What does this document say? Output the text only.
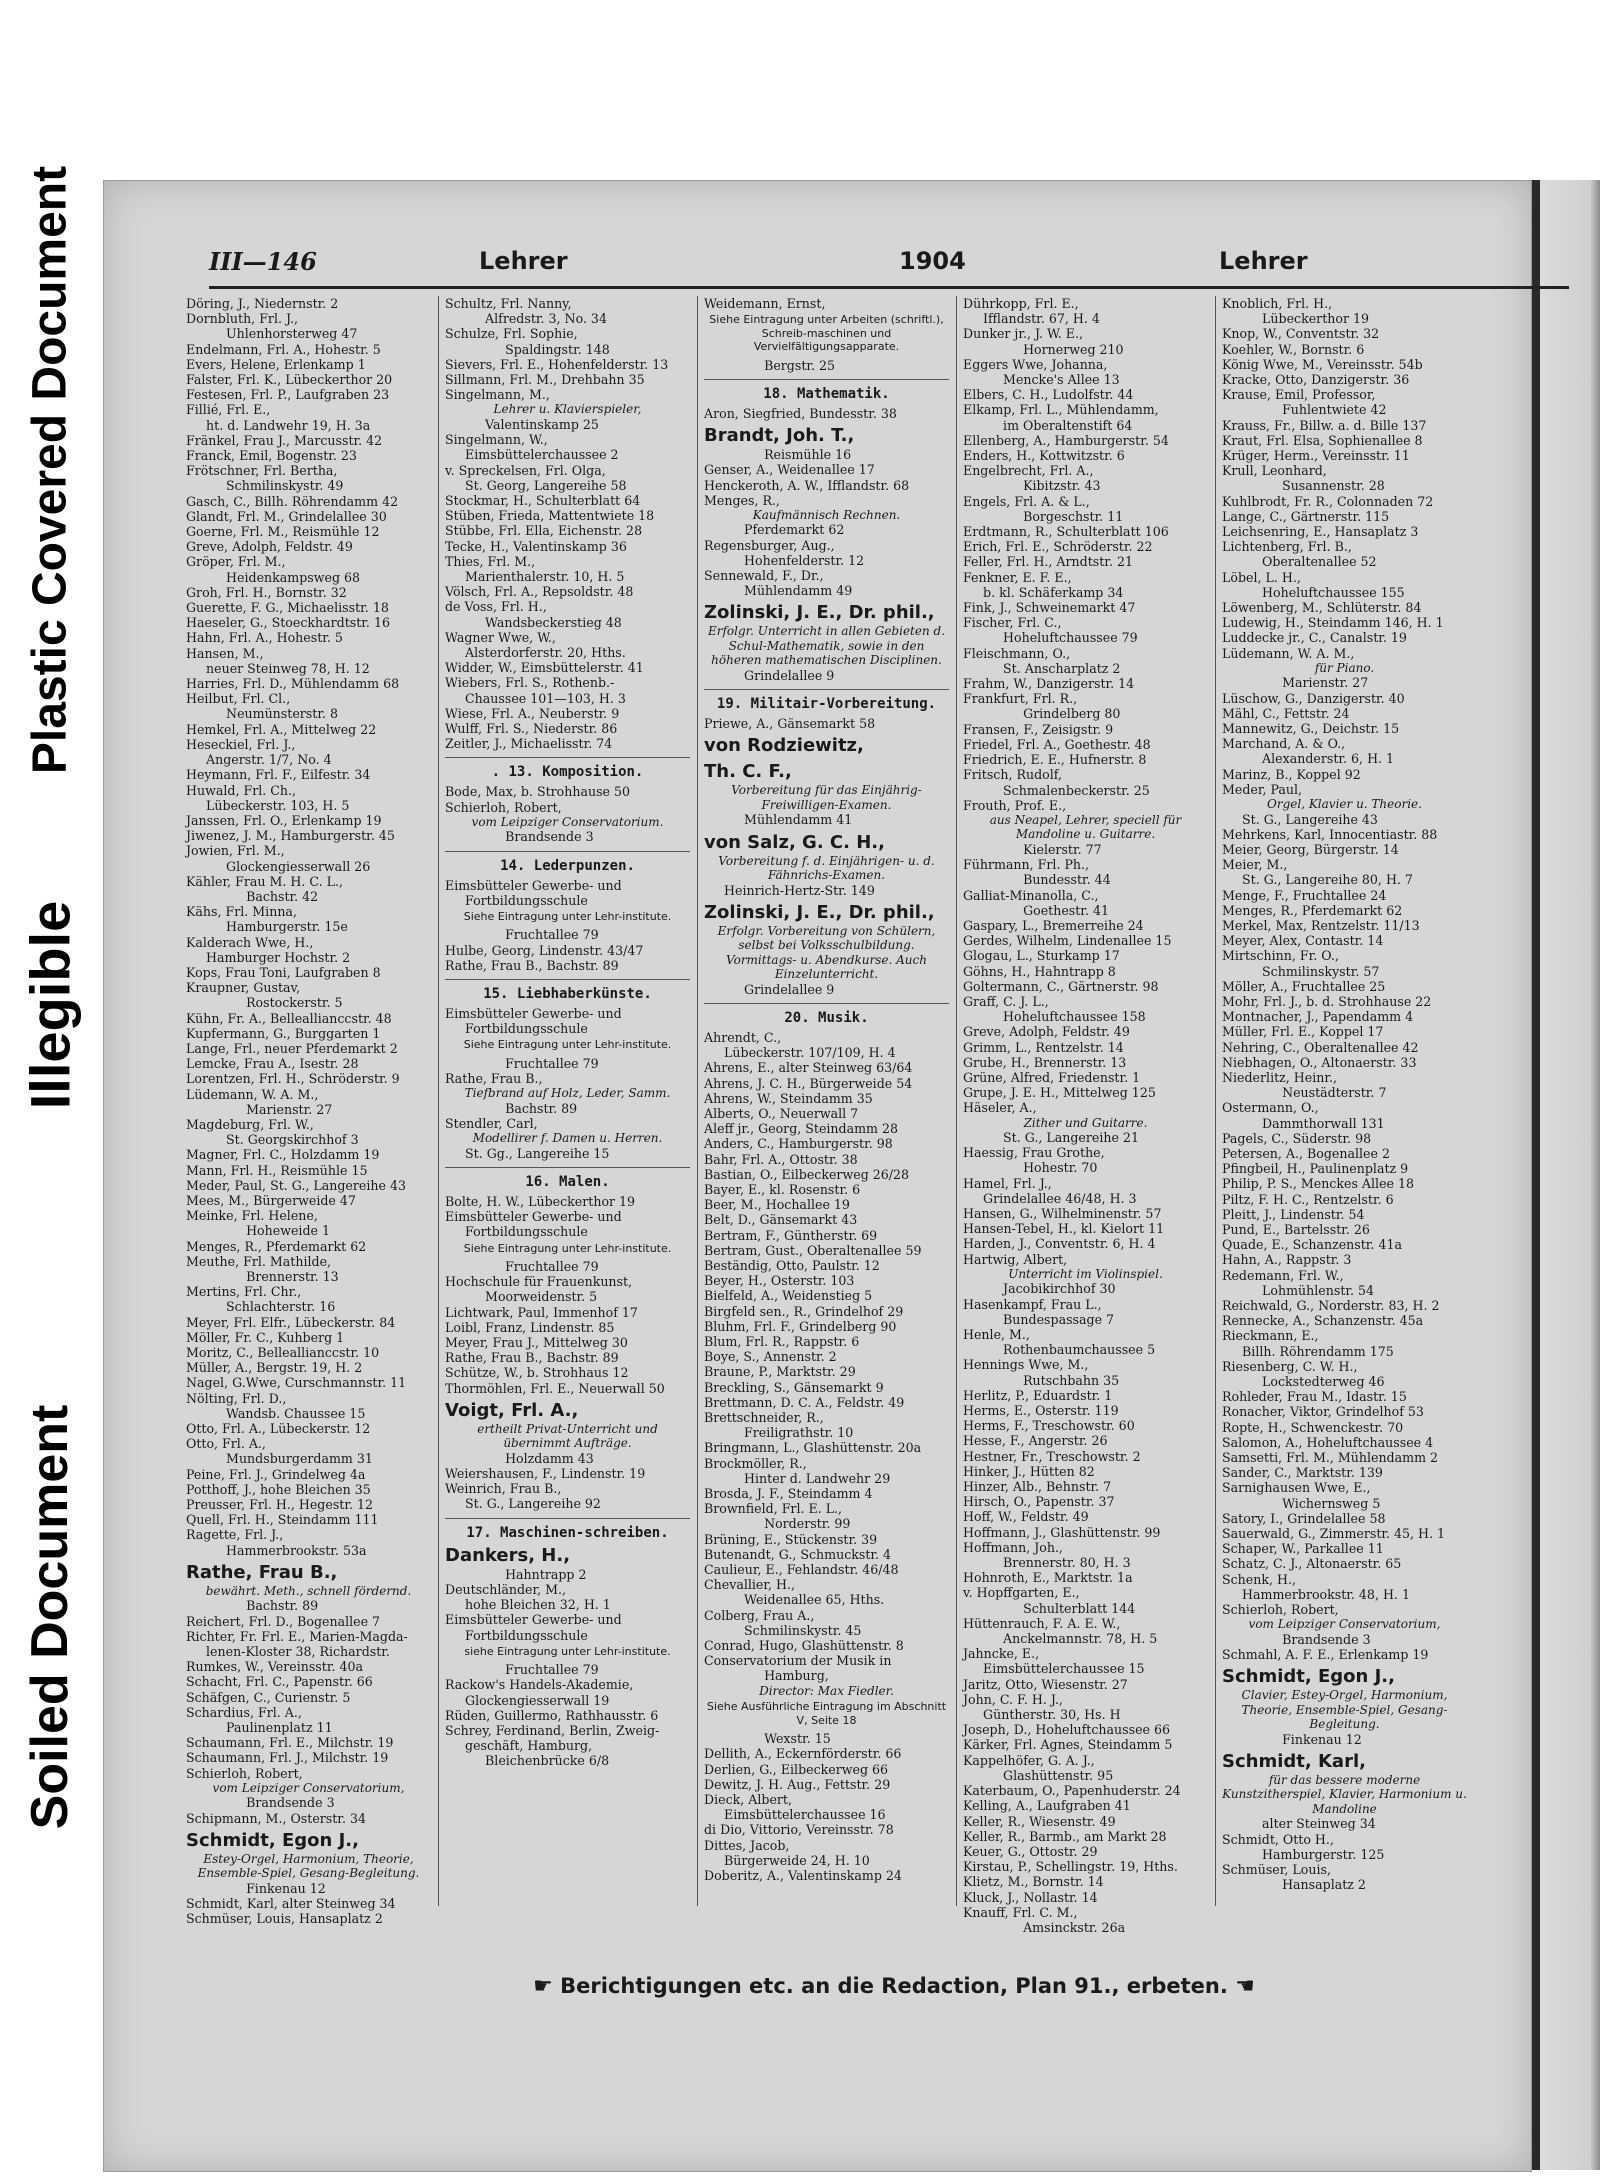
Plastic Covered Document
Illegible
Soiled Document
III—146	Lehrer	1904	Lehrer
Döring, J., Niedernstr. 2
Dornbluth, Frl. J.,
Uhlenhorsterweg 47
Endelmann, Frl. A., Hohestr. 5
Evers, Helene, Erlenkamp 1
Falster, Frl. K., Lübeckerthor 20
Festesen, Frl. P., Laufgraben 23
Fillié, Frl. E.,
ht. d. Landwehr 19, H. 3a
Fränkel, Frau J., Marcusstr. 42
Franck, Emil, Bogenstr. 23
Frötschner, Frl. Bertha,
Schmilinskystr. 49
Gasch, C., Billh. Röhrendamm 42
Glandt, Frl. M., Grindelallee 30
Goerne, Frl. M., Reismühle 12
Greve, Adolph, Feldstr. 49
Gröper, Frl. M.,
Heidenkampsweg 68
Groh, Frl. H., Bornstr. 32
Guerette, F. G., Michaelisstr. 18
Haeseler, G., Stoeckhardtstr. 16
Hahn, Frl. A., Hohestr. 5
Hansen, M.,
neuer Steinweg 78, H. 12
Harries, Frl. D., Mühlendamm 68
Heilbut, Frl. Cl.,
Neumünsterstr. 8
Hemkel, Frl. A., Mittelweg 22
Heseckiel, Frl. J.,
Angerstr. 1/7, No. 4
Heymann, Frl. F., Eilfestr. 34
Huwald, Frl. Ch.,
Lübeckerstr. 103, H. 5
Janssen, Frl. O., Erlenkamp 19
Jiwenez, J. M., Hamburgerstr. 45
Jowien, Frl. M.,
Glockengiesserwall 26
Kähler, Frau M. H. C. L.,
Bachstr. 42
Kähs, Frl. Minna,
Hamburgerstr. 15e
Kalderach Wwe, H.,
Hamburger Hochstr. 2
Kops, Frau Toni, Laufgraben 8
Kraupner, Gustav,
Rostockerstr. 5
Kühn, Fr. A., Belleallianccstr. 48
Kupfermann, G., Burggarten 1
Lange, Frl., neuer Pferdemarkt 2
Lemcke, Frau A., Isestr. 28
Lorentzen, Frl. H., Schröderstr. 9
Lüdemann, W. A. M.,
Marienstr. 27
Magdeburg, Frl. W.,
St. Georgskirchhof 3
Magner, Frl. C., Holzdamm 19
Mann, Frl. H., Reismühle 15
Meder, Paul, St. G., Langereihe 43
Mees, M., Bürgerweide 47
Meinke, Frl. Helene,
Hoheweide 1
Menges, R., Pferdemarkt 62
Meuthe, Frl. Mathilde,
Brennerstr. 13
Mertins, Frl. Chr.,
Schlachterstr. 16
Meyer, Frl. Elfr., Lübeckerstr. 84
Möller, Fr. C., Kuhberg 1
Moritz, C., Belleallianccstr. 10
Müller, A., Bergstr. 19, H. 2
Nagel, G.Wwe, Curschmannstr. 11
Nölting, Frl. D.,
Wandsb. Chaussee 15
Otto, Frl. A., Lübeckerstr. 12
Otto, Frl. A.,
Mundsburgerdamm 31
Peine, Frl. J., Grindelweg 4a
Potthoff, J., hohe Bleichen 35
Preusser, Frl. H., Hegestr. 12
Quell, Frl. H., Steindamm 111
Ragette, Frl. J.,
Hammerbrookstr. 53a
Rathe, Frau B.,
bewährt. Meth., schnell fördernd.
Bachstr. 89
Reichert, Frl. D., Bogenallee 7
Richter, Fr. Frl. E., Marien-Magda-
lenen-Kloster 38, Richardstr.
Rumkes, W., Vereinsstr. 40a
Schacht, Frl. C., Papenstr. 66
Schäfgen, C., Curienstr. 5
Schardius, Frl. A.,
Paulinenplatz 11
Schaumann, Frl. E., Milchstr. 19
Schaumann, Frl. J., Milchstr. 19
Schierloh, Robert,
vom Leipziger Conservatorium,
Brandsende 3
Schipmann, M., Osterstr. 34
Schmidt, Egon J.,
Estey-Orgel, Harmonium, Theorie, Ensemble-Spiel, Gesang-Begleitung.
Finkenau 12
Schmidt, Karl, alter Steinweg 34
Schmüser, Louis, Hansaplatz 2
Schultz, Frl. Nanny,
Alfredstr. 3, No. 34
Schulze, Frl. Sophie,
Spaldingstr. 148
Sievers, Frl. E., Hohenfelderstr. 13
Sillmann, Frl. M., Drehbahn 35
Singelmann, M.,
Lehrer u. Klavierspieler,
Valentinskamp 25
Singelmann, W.,
Eimsbüttelerchaussee 2
v. Spreckelsen, Frl. Olga,
St. Georg, Langereihe 58
Stockmar, H., Schulterblatt 64
Stüben, Frieda, Mattentwiete 18
Stübbe, Frl. Ella, Eichenstr. 28
Tecke, H., Valentinskamp 36
Thies, Frl. M.,
Marienthalerstr. 10, H. 5
Völsch, Frl. A., Repsoldstr. 48
de Voss, Frl. H.,
Wandsbeckerstieg 48
Wagner Wwe, W.,
Alsterdorferstr. 20, Hths.
Widder, W., Eimsbüttelerstr. 41
Wiebers, Frl. S., Rothenb.-
Chaussee 101—103, H. 3
Wiese, Frl. A., Neuberstr. 9
Wulff, Frl. S., Niederstr. 86
Zeitler, J., Michaelisstr. 74
. 13. Komposition.
Bode, Max, b. Strohhause 50
Schierloh, Robert,
vom Leipziger Conservatorium.
Brandsende 3
14. Lederpunzen.
Eimsbütteler Gewerbe- und
Fortbildungsschule
Siehe Eintragung unter Lehr-institute.
Fruchtallee 79
Hulbe, Georg, Lindenstr. 43/47
Rathe, Frau B., Bachstr. 89
15. Liebhaberkünste.
Eimsbütteler Gewerbe- und
Fortbildungsschule
Siehe Eintragung unter Lehr-institute.
Fruchtallee 79
Rathe, Frau B.,
Tiefbrand auf Holz, Leder, Samm.
Bachstr. 89
Stendler, Carl,
Modellirer f. Damen u. Herren.
St. Gg., Langereihe 15
16. Malen.
Bolte, H. W., Lübeckerthor 19
Eimsbütteler Gewerbe- und
Fortbildungsschule
Siehe Eintragung unter Lehr-institute.
Fruchtallee 79
Hochschule für Frauenkunst,
Moorweidenstr. 5
Lichtwark, Paul, Immenhof 17
Loibl, Franz, Lindenstr. 85
Meyer, Frau J., Mittelweg 30
Rathe, Frau B., Bachstr. 89
Schütze, W., b. Strohhaus 12
Thormöhlen, Frl. E., Neuerwall 50
Voigt, Frl. A.,
ertheilt Privat-Unterricht und übernimmt Aufträge.
Holzdamm 43
Weiershausen, F., Lindenstr. 19
Weinrich, Frau B.,
St. G., Langereihe 92
17. Maschinen-schreiben.
Dankers, H.,
Hahntrapp 2
Deutschländer, M.,
hohe Bleichen 32, H. 1
Eimsbütteler Gewerbe- und
Fortbildungsschule
siehe Eintragung unter Lehr-institute.
Fruchtallee 79
Rackow's Handels-Akademie,
Glockengiesserwall 19
Rüden, Guillermo, Rathhausstr. 6
Schrey, Ferdinand, Berlin, Zweig-
geschäft, Hamburg,
Bleichenbrücke 6/8
Weidemann, Ernst,
Siehe Eintragung unter Arbeiten (schriftl.), Schreib-maschinen und Vervielfältigungsapparate.
Bergstr. 25
18. Mathematik.
Aron, Siegfried, Bundesstr. 38
Brandt, Joh. T.,
Reismühle 16
Genser, A., Weidenallee 17
Henckeroth, A. W., Ifflandstr. 68
Menges, R.,
Kaufmännisch Rechnen.
Pferdemarkt 62
Regensburger, Aug.,
Hohenfelderstr. 12
Sennewald, F., Dr.,
Mühlendamm 49
Zolinski, J. E., Dr. phil.,
Erfolgr. Unterricht in allen Gebieten d. Schul-Mathematik, sowie in den höheren mathematischen Disciplinen.
Grindelallee 9
19. Militair-Vorbereitung.
Priewe, A., Gänsemarkt 58
von Rodziewitz,
Th. C. F.,
Vorbereitung für das Einjährig-Freiwilligen-Examen.
Mühlendamm 41
von Salz, G. C. H.,
Vorbereitung f. d. Einjährigen- u. d. Fähnrichs-Examen.
Heinrich-Hertz-Str. 149
Zolinski, J. E., Dr. phil.,
Erfolgr. Vorbereitung von Schülern, selbst bei Volksschulbildung. Vormittags- u. Abendkurse. Auch Einzelunterricht.
Grindelallee 9
20. Musik.
Ahrendt, C.,
Lübeckerstr. 107/109, H. 4
Ahrens, E., alter Steinweg 63/64
Ahrens, J. C. H., Bürgerweide 54
Ahrens, W., Steindamm 35
Alberts, O., Neuerwall 7
Aleff jr., Georg, Steindamm 28
Anders, C., Hamburgerstr. 98
Bahr, Frl. A., Ottostr. 38
Bastian, O., Eilbeckerweg 26/28
Bayer, E., kl. Rosenstr. 6
Beer, M., Hochallee 19
Belt, D., Gänsemarkt 43
Bertram, F., Güntherstr. 69
Bertram, Gust., Oberaltenallee 59
Beständig, Otto, Paulstr. 12
Beyer, H., Osterstr. 103
Bielfeld, A., Weidenstieg 5
Birgfeld sen., R., Grindelhof 29
Bluhm, Frl. F., Grindelberg 90
Blum, Frl. R., Rappstr. 6
Boye, S., Annenstr. 2
Braune, P., Marktstr. 29
Breckling, S., Gänsemarkt 9
Brettmann, D. C. A., Feldstr. 49
Brettschneider, R.,
Freiligrathstr. 10
Bringmann, L., Glashüttenstr. 20a
Brockmöller, R.,
Hinter d. Landwehr 29
Brosda, J. F., Steindamm 4
Brownfield, Frl. E. L.,
Norderstr. 99
Brüning, E., Stückenstr. 39
Butenandt, G., Schmuckstr. 4
Caulieur, E., Fehlandstr. 46/48
Chevallier, H.,
Weidenallee 65, Hths.
Colberg, Frau A.,
Schmilinskystr. 45
Conrad, Hugo, Glashüttenstr. 8
Conservatorium der Musik in
Hamburg,
Director: Max Fiedler.
Siehe Ausführliche Eintragung im Abschnitt V, Seite 18
Wexstr. 15
Dellith, A., Eckernförderstr. 66
Derlien, G., Eilbeckerweg 66
Dewitz, J. H. Aug., Fettstr. 29
Dieck, Albert,
Eimsbüttelerchaussee 16
di Dio, Vittorio, Vereinsstr. 78
Dittes, Jacob,
Bürgerweide 24, H. 10
Doberitz, A., Valentinskamp 24
Dührkopp, Frl. E.,
Ifflandstr. 67, H. 4
Dunker jr., J. W. E.,
Hornerweg 210
Eggers Wwe, Johanna,
Mencke's Allee 13
Elbers, C. H., Ludolfstr. 44
Elkamp, Frl. L., Mühlendamm,
im Oberaltenstift 64
Ellenberg, A., Hamburgerstr. 54
Enders, H., Kottwitzstr. 6
Engelbrecht, Frl. A.,
Kibitzstr. 43
Engels, Frl. A. & L.,
Borgeschstr. 11
Erdtmann, R., Schulterblatt 106
Erich, Frl. E., Schröderstr. 22
Feller, Frl. H., Arndtstr. 21
Fenkner, E. F. E.,
b. kl. Schäferkamp 34
Fink, J., Schweinemarkt 47
Fischer, Frl. C.,
Hoheluftchaussee 79
Fleischmann, O.,
St. Anscharplatz 2
Frahm, W., Danzigerstr. 14
Frankfurt, Frl. R.,
Grindelberg 80
Fransen, F., Zeisigstr. 9
Friedel, Frl. A., Goethestr. 48
Friedrich, E. E., Hufnerstr. 8
Fritsch, Rudolf,
Schmalenbeckerstr. 25
Frouth, Prof. E.,
aus Neapel, Lehrer, speciell für Mandoline u. Guitarre.
Kielerstr. 77
Führmann, Frl. Ph.,
Bundesstr. 44
Galliat-Minanolla, C.,
Goethestr. 41
Gaspary, L., Bremerreihe 24
Gerdes, Wilhelm, Lindenallee 15
Glogau, L., Sturkamp 17
Göhns, H., Hahntrapp 8
Goltermann, C., Gärtnerstr. 98
Graff, C. J. L.,
Hoheluftchaussee 158
Greve, Adolph, Feldstr. 49
Grimm, L., Rentzelstr. 14
Grube, H., Brennerstr. 13
Grüne, Alfred, Friedenstr. 1
Grupe, J. E. H., Mittelweg 125
Häseler, A.,
Zither und Guitarre.
St. G., Langereihe 21
Haessig, Frau Grothe,
Hohestr. 70
Hamel, Frl. J.,
Grindelallee 46/48, H. 3
Hansen, G., Wilhelminenstr. 57
Hansen-Tebel, H., kl. Kielort 11
Harden, J., Conventstr. 6, H. 4
Hartwig, Albert,
Unterricht im Violinspiel.
Jacobikirchhof 30
Hasenkampf, Frau L.,
Bundespassage 7
Henle, M.,
Rothenbaumchaussee 5
Hennings Wwe, M.,
Rutschbahn 35
Herlitz, P., Eduardstr. 1
Herms, E., Osterstr. 119
Herms, F., Treschowstr. 60
Hesse, F., Angerstr. 26
Hestner, Fr., Treschowstr. 2
Hinker, J., Hütten 82
Hinzer, Alb., Behnstr. 7
Hirsch, O., Papenstr. 37
Hoff, W., Feldstr. 49
Hoffmann, J., Glashüttenstr. 99
Hoffmann, Joh.,
Brennerstr. 80, H. 3
Hohnroth, E., Marktstr. 1a
v. Hopffgarten, E.,
Schulterblatt 144
Hüttenrauch, F. A. E. W.,
Anckelmannstr. 78, H. 5
Jahncke, E.,
Eimsbüttelerchaussee 15
Jaritz, Otto, Wiesenstr. 27
John, C. F. H. J.,
Güntherstr. 30, Hs. H
Joseph, D., Hoheluftchaussee 66
Kärker, Frl. Agnes, Steindamm 5
Kappelhöfer, G. A. J.,
Glashüttenstr. 95
Katerbaum, O., Papenhuderstr. 24
Kelling, A., Laufgraben 41
Keller, R., Wiesenstr. 49
Keller, R., Barmb., am Markt 28
Keuer, G., Ottostr. 29
Kirstau, P., Schellingstr. 19, Hths.
Klietz, M., Bornstr. 14
Kluck, J., Nollastr. 14
Knauff, Frl. C. M.,
Amsinckstr. 26a
Knoblich, Frl. H.,
Lübeckerthor 19
Knop, W., Conventstr. 32
Koehler, W., Bornstr. 6
König Wwe, M., Vereinsstr. 54b
Kracke, Otto, Danzigerstr. 36
Krause, Emil, Professor,
Fuhlentwiete 42
Krauss, Fr., Billw. a. d. Bille 137
Kraut, Frl. Elsa, Sophienallee 8
Krüger, Herm., Vereinsstr. 11
Krull, Leonhard,
Susannenstr. 28
Kuhlbrodt, Fr. R., Colonnaden 72
Lange, C., Gärtnerstr. 115
Leichsenring, E., Hansaplatz 3
Lichtenberg, Frl. B.,
Oberaltenallee 52
Löbel, L. H.,
Hoheluftchaussee 155
Löwenberg, M., Schlüterstr. 84
Ludewig, H., Steindamm 146, H. 1
Luddecke jr., C., Canalstr. 19
Lüdemann, W. A. M.,
für Piano.
Marienstr. 27
Lüschow, G., Danzigerstr. 40
Mähl, C., Fettstr. 24
Mannewitz, G., Deichstr. 15
Marchand, A. & O.,
Alexanderstr. 6, H. 1
Marinz, B., Koppel 92
Meder, Paul,
Orgel, Klavier u. Theorie.
St. G., Langereihe 43
Mehrkens, Karl, Innocentiastr. 88
Meier, Georg, Bürgerstr. 14
Meier, M.,
St. G., Langereihe 80, H. 7
Menge, F., Fruchtallee 24
Menges, R., Pferdemarkt 62
Merkel, Max, Rentzelstr. 11/13
Meyer, Alex, Contastr. 14
Mirtschinn, Fr. O.,
Schmilinskystr. 57
Möller, A., Fruchtallee 25
Mohr, Frl. J., b. d. Strohhause 22
Montnacher, J., Papendamm 4
Müller, Frl. E., Koppel 17
Nehring, C., Oberaltenallee 42
Niebhagen, O., Altonaerstr. 33
Niederlitz, Heinr.,
Neustädterstr. 7
Ostermann, O.,
Dammthorwall 131
Pagels, C., Süderstr. 98
Petersen, A., Bogenallee 2
Pfingbeil, H., Paulinenplatz 9
Philip, P. S., Menckes Allee 18
Piltz, F. H. C., Rentzelstr. 6
Pleitt, J., Lindenstr. 54
Pund, E., Bartelsstr. 26
Quade, E., Schanzenstr. 41a
Hahn, A., Rappstr. 3
Redemann, Frl. W.,
Lohmühlenstr. 54
Reichwald, G., Norderstr. 83, H. 2
Rennecke, A., Schanzenstr. 45a
Rieckmann, E.,
Billh. Röhrendamm 175
Riesenberg, C. W. H.,
Lockstedterweg 46
Rohleder, Frau M., Idastr. 15
Ronacher, Viktor, Grindelhof 53
Ropte, H., Schwenckestr. 70
Salomon, A., Hoheluftchaussee 4
Samsetti, Frl. M., Mühlendamm 2
Sander, C., Marktstr. 139
Sarnighausen Wwe, E.,
Wichernsweg 5
Satory, I., Grindelallee 58
Sauerwald, G., Zimmerstr. 45, H. 1
Schaper, W., Parkallee 11
Schatz, C. J., Altonaerstr. 65
Schenk, H.,
Hammerbrookstr. 48, H. 1
Schierloh, Robert,
vom Leipziger Conservatorium,
Brandsende 3
Schmahl, A. F. E., Erlenkamp 19
Schmidt, Egon J.,
Clavier, Estey-Orgel, Harmonium, Theorie, Ensemble-Spiel, Gesang-Begleitung.
Finkenau 12
Schmidt, Karl,
für das bessere moderne Kunstzitherspiel, Klavier, Harmonium u. Mandoline
alter Steinweg 34
Schmidt, Otto H.,
Hamburgerstr. 125
Schmüser, Louis,
Hansaplatz 2
☛ Berichtigungen etc. an die Redaction, Plan 91., erbeten. ☚
